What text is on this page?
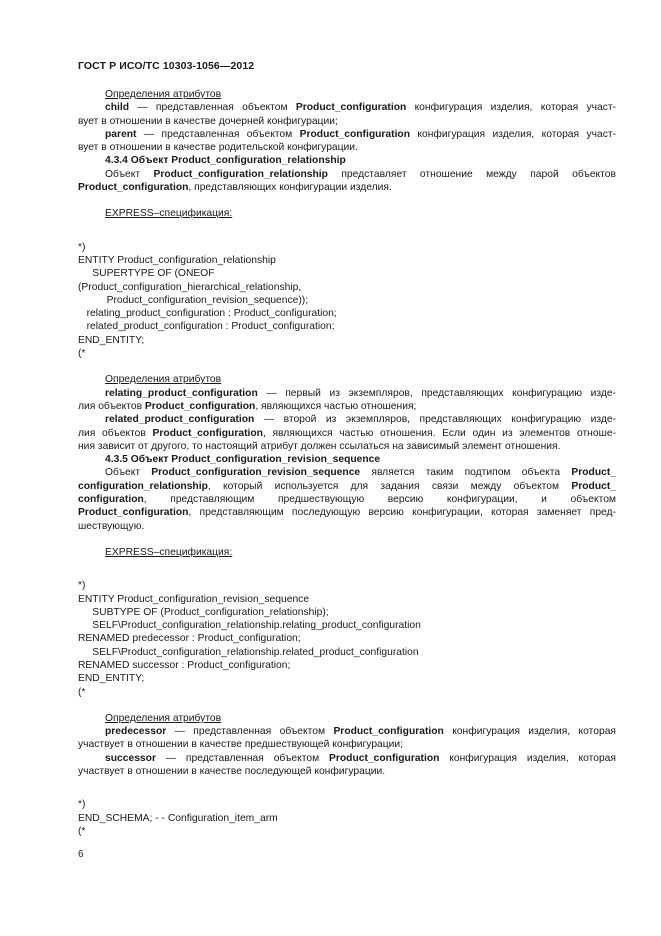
ГОСТ Р ИСО/ТС 10303-1056—2012
Определения атрибутов
child — представленная объектом Product_configuration конфигурация изделия, которая участ-
вует в отношении в качестве дочерней конфигурации;
parent — представленная объектом Product_configuration конфигурация изделия, которая участ-
вует в отношении в качестве родительской конфигурации.
4.3.4 Объект Product_configuration_relationship
Объект Product_configuration_relationship представляет отношение между парой объектов
Product_configuration, представляющих конфигурации изделия.
EXPRESS–спецификация:
*)
ENTITY Product_configuration_relationship
SUPERTYPE OF (ONEOF
(Product_configuration_hierarchical_relationship,
Product_configuration_revision_sequence));
relating_product_configuration : Product_configuration;
related_product_configuration : Product_configuration;
END_ENTITY;
(*
Определения атрибутов
relating_product_configuration — первый из экземпляров, представляющих конфигурацию изде-
лия объектов Product_configuration, являющихся частью отношения;
related_product_configuration — второй из экземпляров, представляющих конфигурацию изде-
лия объектов Product_configuration, являющихся частью отношения. Если один из элементов отноше-
ния зависит от другого, то настоящий атрибут должен ссылаться на зависимый элемент отношения.
4.3.5 Объект Product_configuration_revision_sequence
Объект Product_configuration_revision_sequence является таким подтипом объекта Product_
configuration_relationship, который используется для задания связи между объектом Product_
configuration, представляющим предшествующую версию конфигурации, и объектом
Product_configuration, представляющим последующую версию конфигурации, которая заменяет пред-
шествующую.
EXPRESS–спецификация:
*)
ENTITY Product_configuration_revision_sequence
SUBTYPE OF (Product_configuration_relationship);
SELF\Product_configuration_relationship.relating_product_configuration
RENAMED predecessor : Product_configuration;
SELF\Product_configuration_relationship.related_product_configuration
RENAMED successor : Product_configuration;
END_ENTITY;
(*
Определения атрибутов
predecessor — представленная объектом Product_configuration конфигурация изделия, которая
участвует в отношении в качестве предшествующей конфигурации;
successor — представленная объектом Product_configuration конфигурация изделия, которая
участвует в отношении в качестве последующей конфигурации.
*)
END_SCHEMA; - - Configuration_item_arm
(*
6
